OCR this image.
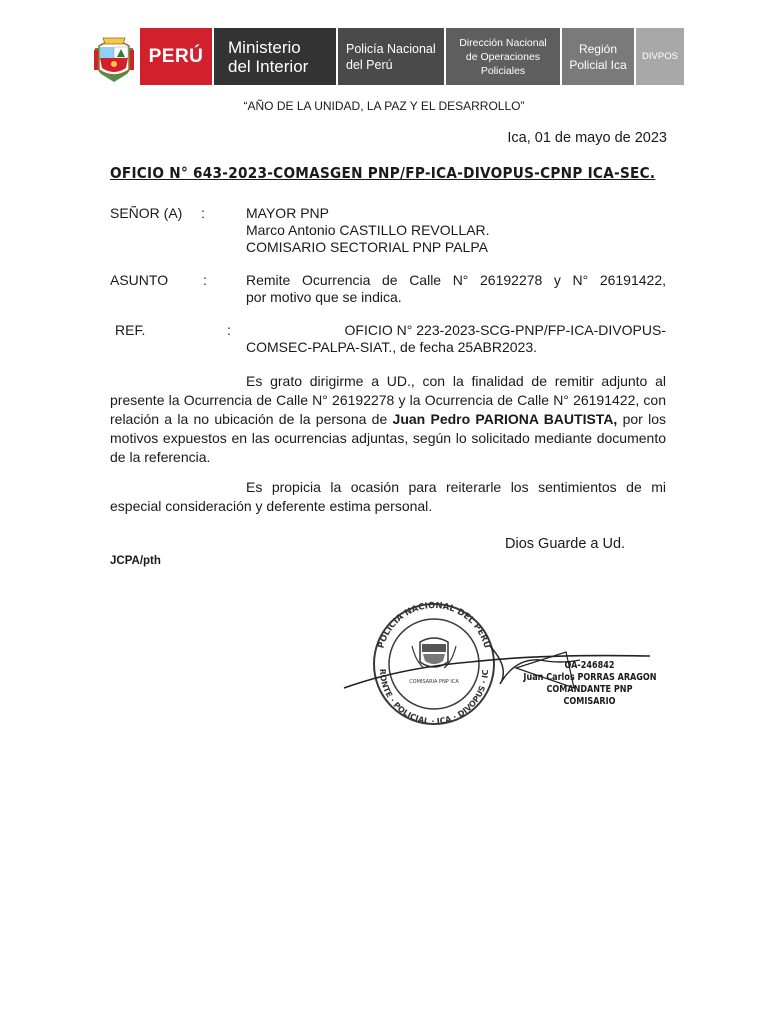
PERÚ Ministerio
del Interior
Policía Nacional
del Perú
Dirección Nacional
de Operaciones
Policiales
Región
Policial Ica
DIVPOS
“AÑO DE LA UNIDAD, LA PAZ Y EL DESARROLLO”
Ica, 01 de mayo de 2023
OFICIO N° 643-2023-COMASGEN PNP/FP-ICA-DIVOPUS-CPNP ICA-SEC.
SEÑOR (A) :	MAYOR PNP
Marco Antonio CASTILLO REVOLLAR.
COMISARIO SECTORIAL PNP PALPA
ASUNTO :	Remite Ocurrencia de Calle N° 26192278 y N° 26191422,
por motivo que se indica.
REF.	:	OFICIO N° 223-2023-SCG-PNP/FP-ICA-DIVOPUS-
COMSEC-PALPA-SIAT., de fecha 25ABR2023.
Es grato dirigirme a UD., con la finalidad de remitir adjunto al presente la Ocurrencia de Calle N° 26192278 y la Ocurrencia de Calle N° 26191422, con relación a la no ubicación de la persona de Juan Pedro PARIONA BAUTISTA, por los motivos expuestos en las ocurrencias adjuntas, según lo solicitado mediante documento de la referencia.
Es propicia la ocasión para reiterarle los sentimientos de mi especial consideración y deferente estima personal.
Dios Guarde a Ud.
JCPA/pth
POLICIA NACIONAL DEL PERU
RONTE · POLICIAL · ICA · DIVOPUS · IC
COMISARIA PNP ICA
OA-246842
Juan Carlos PORRAS ARAGON
COMANDANTE PNP
COMISARIO
